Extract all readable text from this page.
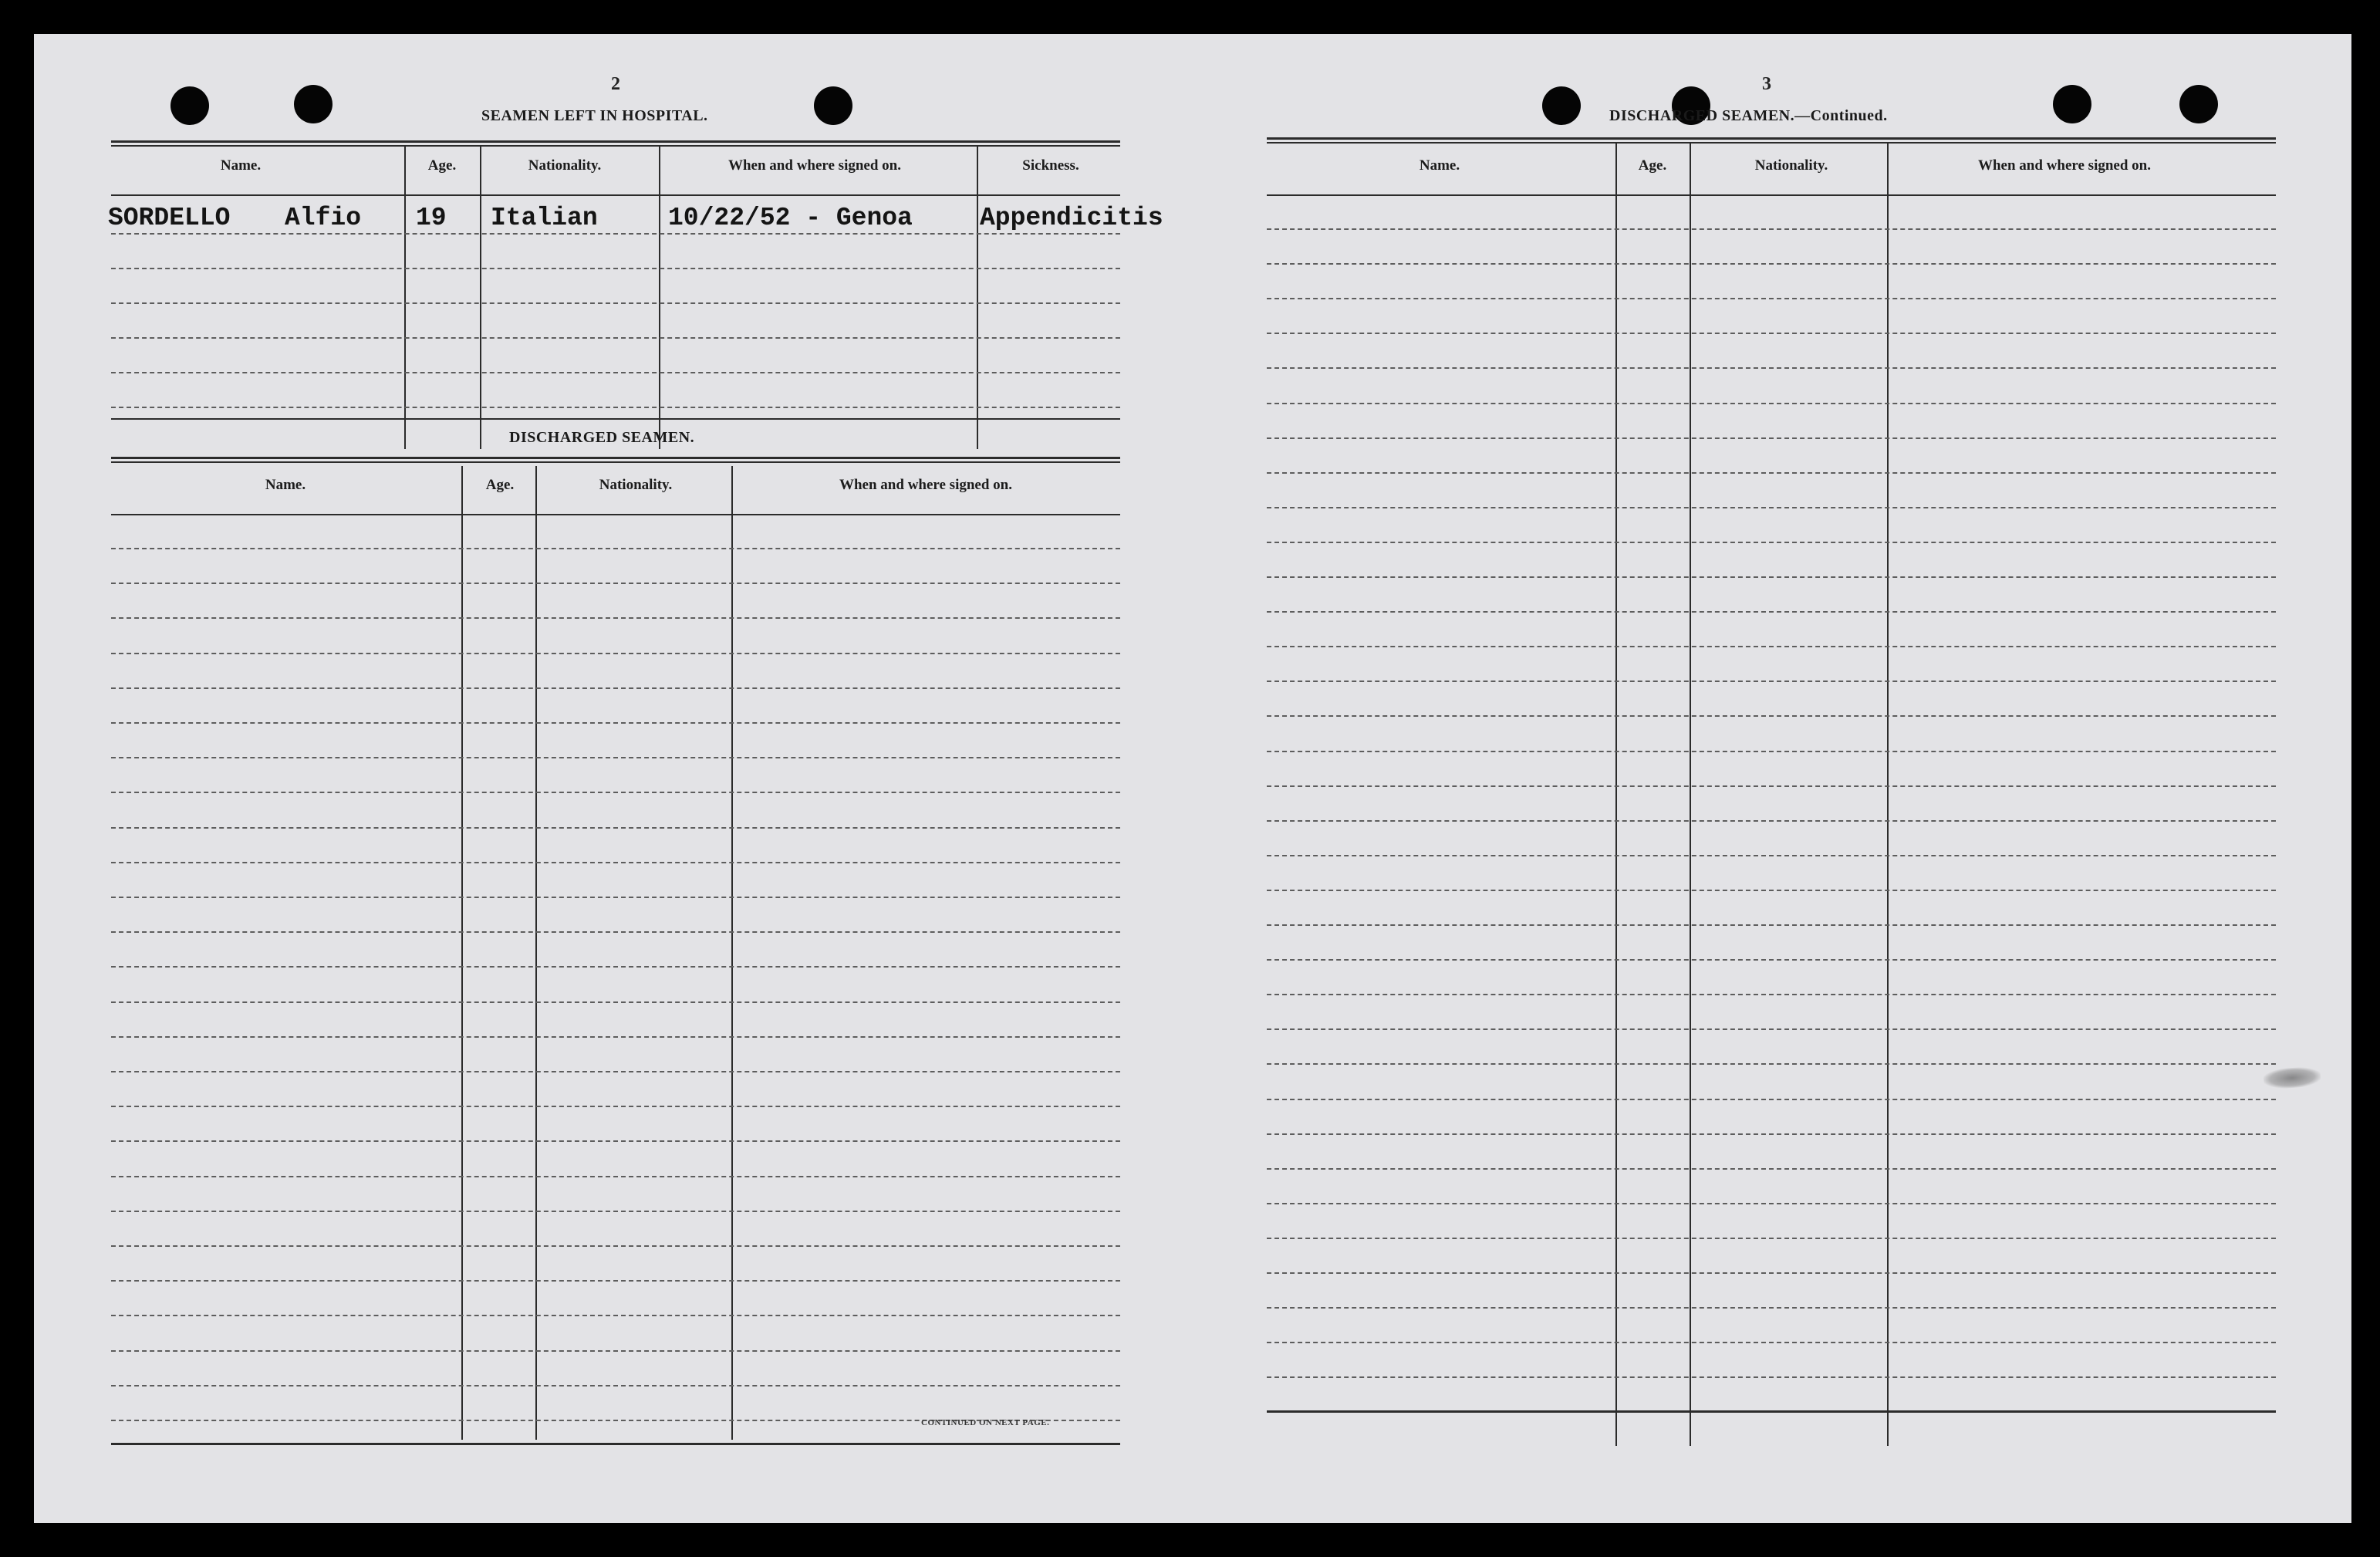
2
SEAMEN LEFT IN HOSPITAL.
Name.	Age.	Nationality.	When and where signed on.	Sickness.
SORDELLO Alfio 19 Italian	10/22/52 - Genoa	Appendicitis
DISCHARGED SEAMEN.
Name.	Age.	Nationality.	When and where signed on.
CONTINUED ON NEXT PAGE.
3
DISCHARGED SEAMEN.—Continued.
Name.	Age.	Nationality.	When and where signed on.
